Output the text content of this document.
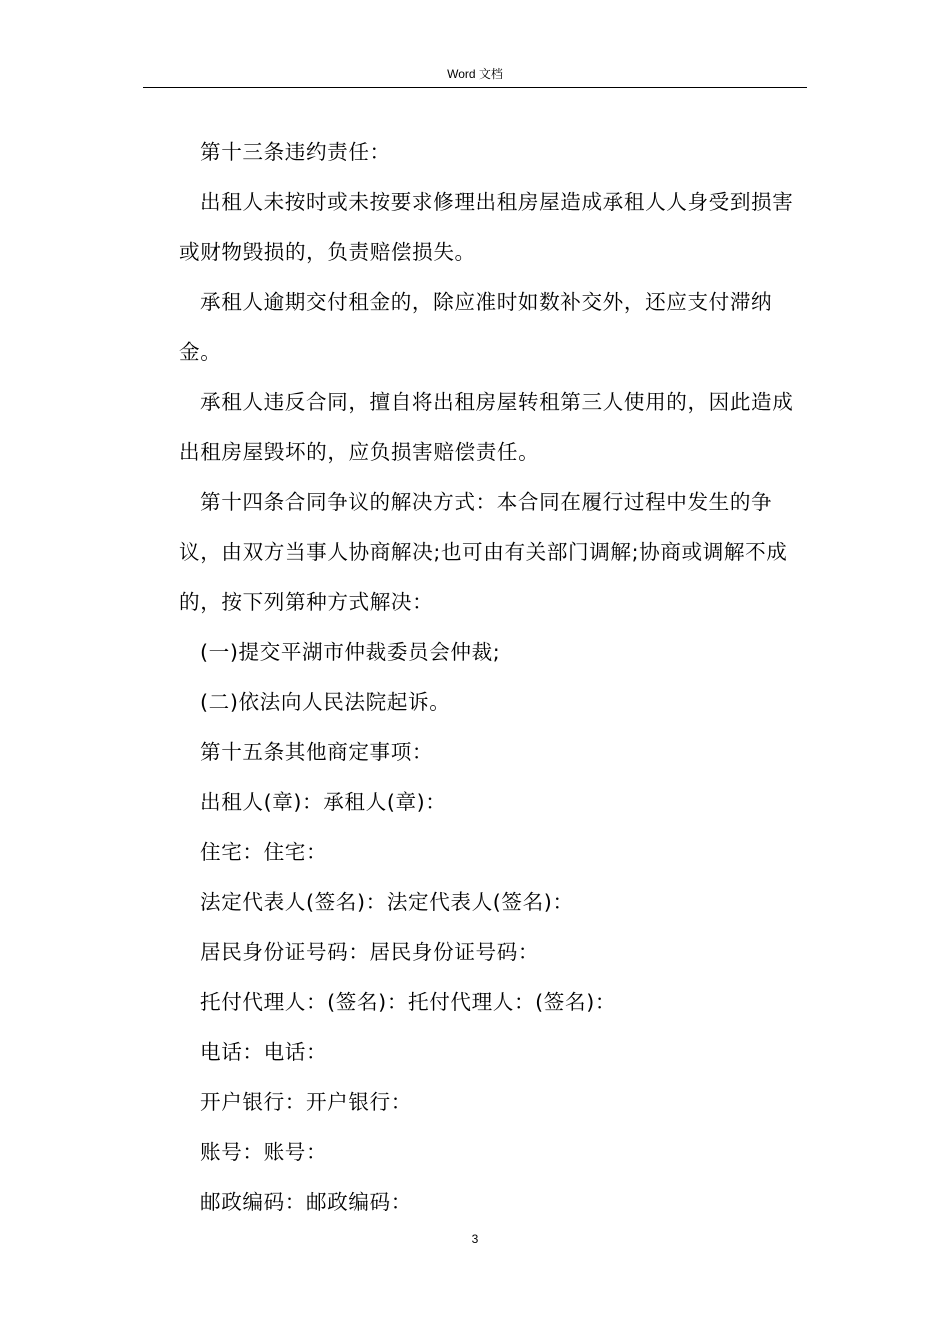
Word 文档

第十三条违约责任：

出租人未按时或未按要求修理出租房屋造成承租人人身受到损害或财物毁损的，负责赔偿损失。

承租人逾期交付租金的，除应准时如数补交外，还应支付滞纳金。

承租人违反合同，擅自将出租房屋转租第三人使用的，因此造成出租房屋毁坏的，应负损害赔偿责任。

第十四条合同争议的解决方式：本合同在履行过程中发生的争议，由双方当事人协商解决;也可由有关部门调解;协商或调解不成的，按下列第种方式解决：

(一)提交平湖市仲裁委员会仲裁;

(二)依法向人民法院起诉。

第十五条其他商定事项：

出租人(章)：承租人(章)：

住宅：住宅：

法定代表人(签名)：法定代表人(签名)：

居民身份证号码：居民身份证号码：

托付代理人：(签名)：托付代理人：(签名)：

电话：电话：

开户银行：开户银行：

账号：账号：

邮政编码：邮政编码：

3
